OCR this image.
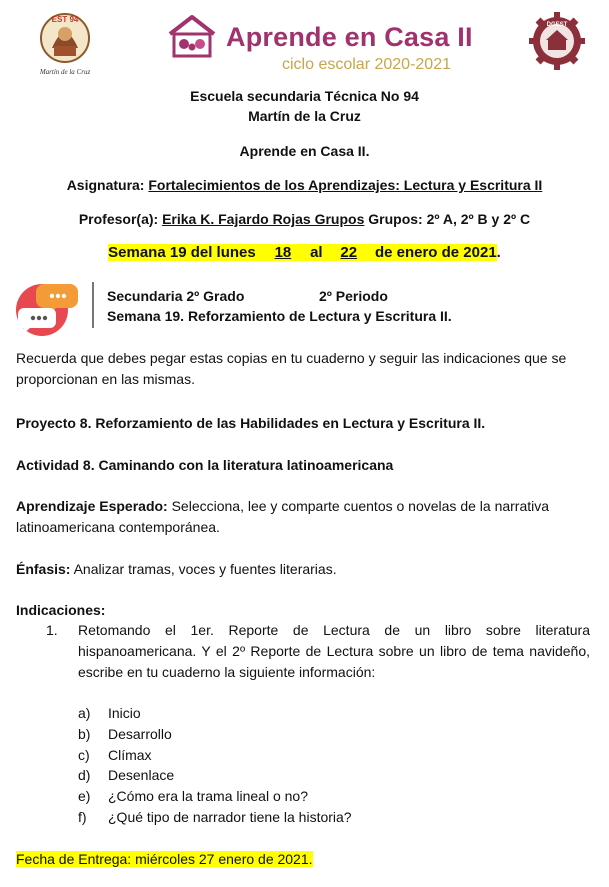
EST 94
Martín de la Cruz
Aprende en Casa II
ciclo escolar 2020-2021
DGEST
Escuela secundaria Técnica No 94
Martín de la Cruz
Aprende en Casa II.
Asignatura: Fortalecimientos de los Aprendizajes: Lectura y Escritura II
Profesor(a): Erika K. Fajardo Rojas Grupos Grupos: 2º A, 2º B y 2º C
Semana 19 del lunes 18 al 22 de enero de 2021.
Secundaria 2º Grado	2º Periodo
Semana 19. Reforzamiento de Lectura y Escritura II.
Recuerda que debes pegar estas copias en tu cuaderno y seguir las indicaciones que se proporcionan en las mismas.
Proyecto 8. Reforzamiento de las Habilidades en Lectura y Escritura II.
Actividad 8. Caminando con la literatura latinoamericana
Aprendizaje Esperado: Selecciona, lee y comparte cuentos o novelas de la narrativa latinoamericana contemporánea.
Énfasis: Analizar tramas, voces y fuentes literarias.
Indicaciones:
1. Retomando el 1er. Reporte de Lectura de un libro sobre literatura hispanoamericana. Y el 2º Reporte de Lectura sobre un libro de tema navideño, escribe en tu cuaderno la siguiente información:
a) Inicio
b) Desarrollo
c) Clímax
d) Desenlace
e) ¿Cómo era la trama lineal o no?
f) ¿Qué tipo de narrador tiene la historia?
Fecha de Entrega: miércoles 27 enero de 2021.
